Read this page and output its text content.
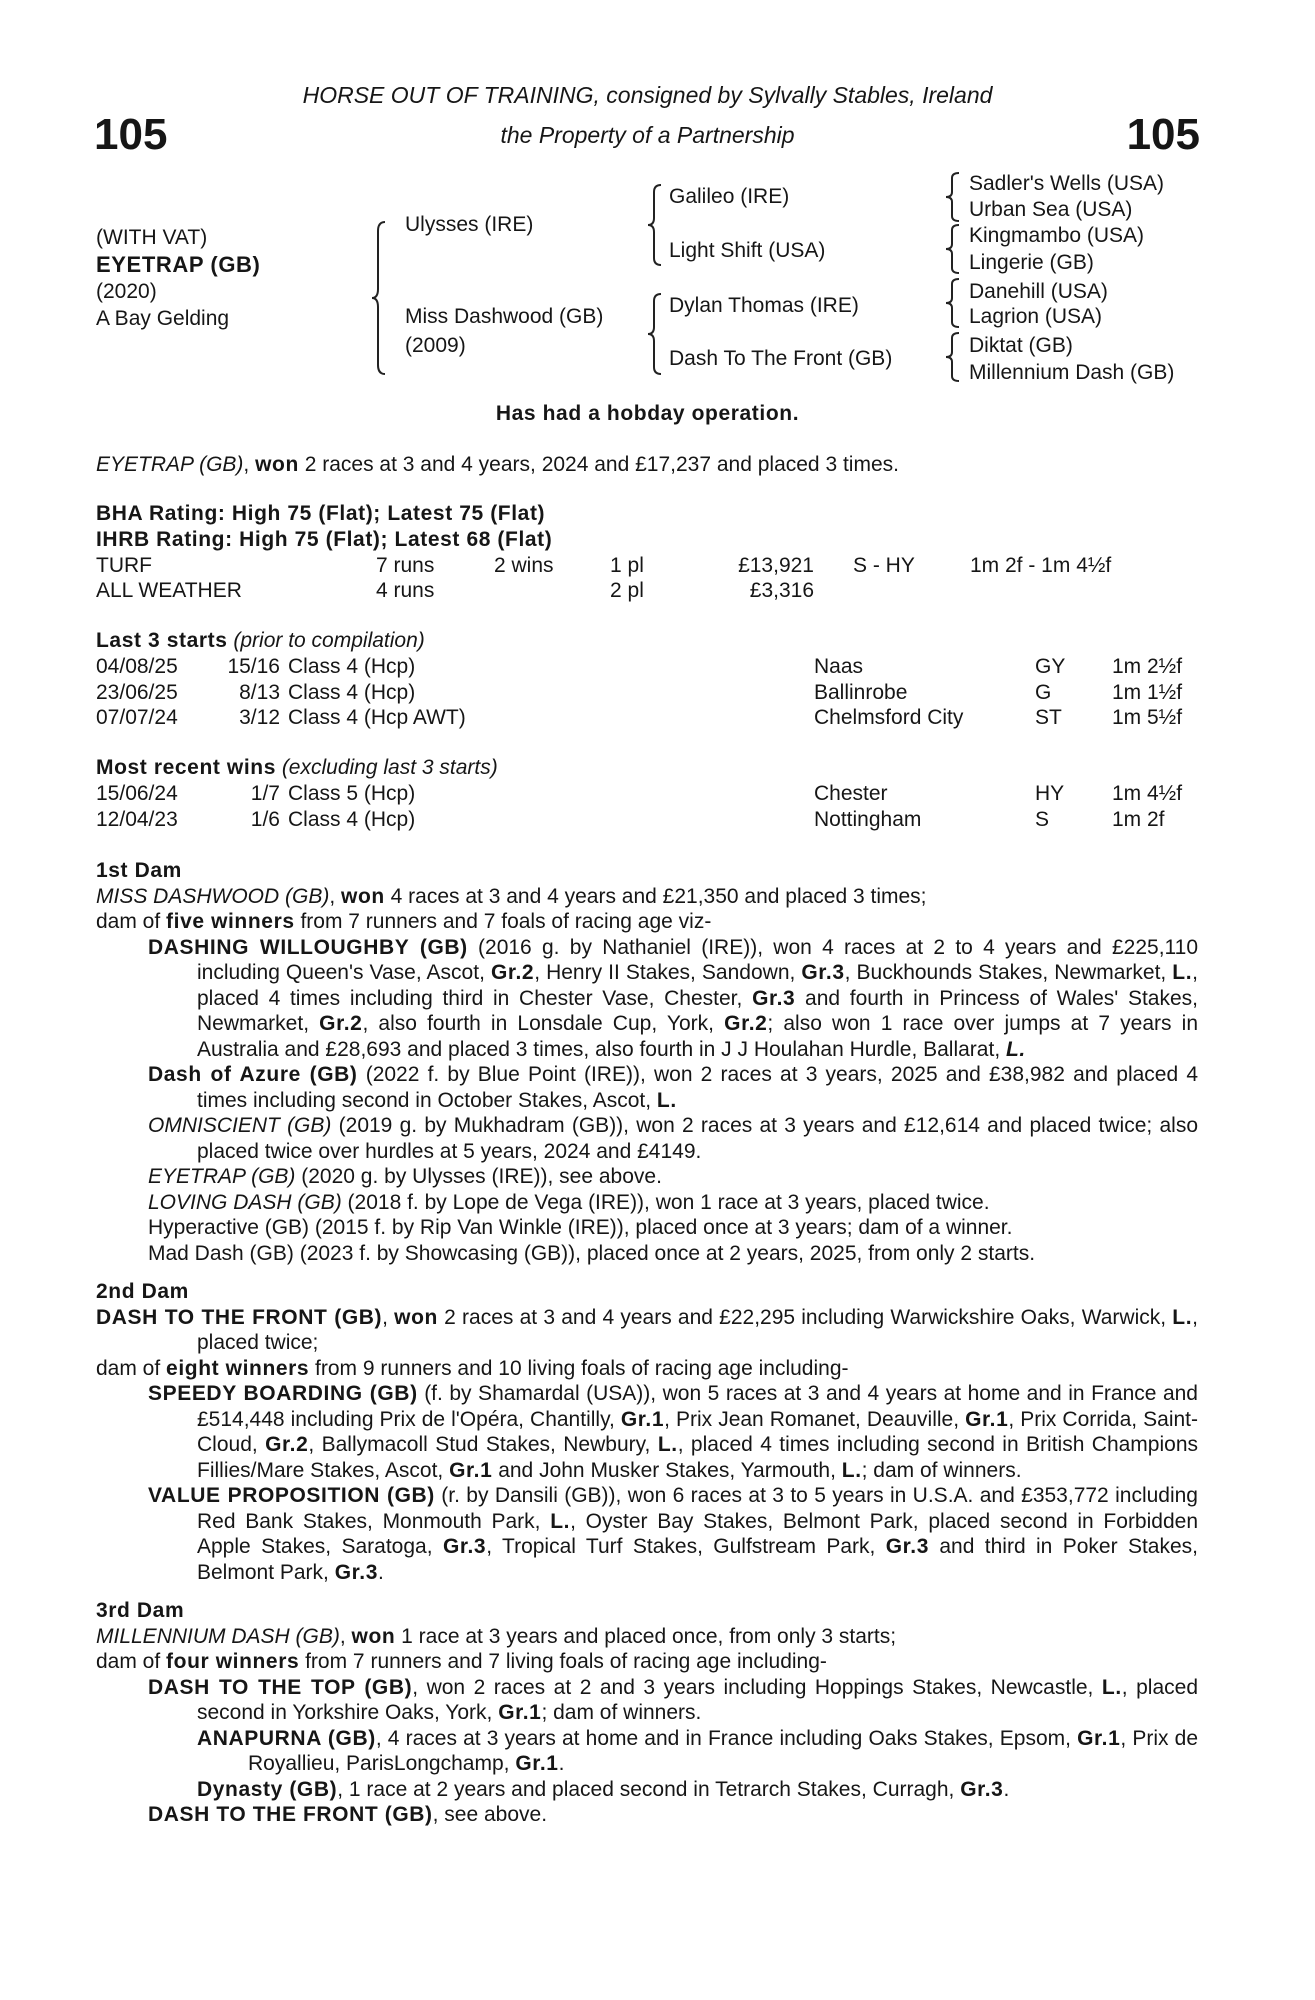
HORSE OUT OF TRAINING, consigned by Sylvally Stables, Ireland
the Property of a Partnership
105	105
(WITH VAT)
EYETRAP (GB)
(2020)
A Bay Gelding
Ulysses (IRE)
Miss Dashwood (GB)
(2009)
Galileo (IRE)
Light Shift (USA)
Dylan Thomas (IRE)
Dash To The Front (GB)
Sadler's Wells (USA)
Urban Sea (USA)
Kingmambo (USA)
Lingerie (GB)
Danehill (USA)
Lagrion (USA)
Diktat (GB)
Millennium Dash (GB)
Has had a hobday operation.
EYETRAP (GB), won 2 races at 3 and 4 years, 2024 and £17,237 and placed 3 times.
BHA Rating: High 75 (Flat); Latest 75 (Flat)
IHRB Rating: High 75 (Flat); Latest 68 (Flat)
TURF	7 runs	2 wins	1 pl	£13,921 S - HY	1m 2f - 1m 4½f
ALL WEATHER	4 runs	2 pl	£3,316
Last 3 starts (prior to compilation)
04/08/25	15/16 Class 4 (Hcp)	Naas	GY 1m 2½f
23/06/25	8/13 Class 4 (Hcp)	Ballinrobe	G	1m 1½f
07/07/24	3/12 Class 4 (Hcp AWT)	Chelmsford City	ST 1m 5½f
Most recent wins (excluding last 3 starts)
15/06/24	1/7 Class 5 (Hcp)	Chester	HY 1m 4½f
12/04/23	1/6 Class 4 (Hcp)	Nottingham	S	1m 2f
1st Dam
MISS DASHWOOD (GB), won 4 races at 3 and 4 years and £21,350 and placed 3 times;
dam of five winners from 7 runners and 7 foals of racing age viz-
DASHING WILLOUGHBY (GB) (2016 g. by Nathaniel (IRE)), won 4 races at 2 to 4 years and £225,110 including Queen's Vase, Ascot, Gr.2, Henry II Stakes, Sandown, Gr.3, Buckhounds Stakes, Newmarket, L., placed 4 times including third in Chester Vase, Chester, Gr.3 and fourth in Princess of Wales' Stakes, Newmarket, Gr.2, also fourth in Lonsdale Cup, York, Gr.2; also won 1 race over jumps at 7 years in Australia and £28,693 and placed 3 times, also fourth in J J Houlahan Hurdle, Ballarat, L.
Dash of Azure (GB) (2022 f. by Blue Point (IRE)), won 2 races at 3 years, 2025 and £38,982 and placed 4 times including second in October Stakes, Ascot, L.
OMNISCIENT (GB) (2019 g. by Mukhadram (GB)), won 2 races at 3 years and £12,614 and placed twice; also placed twice over hurdles at 5 years, 2024 and £4149.
EYETRAP (GB) (2020 g. by Ulysses (IRE)), see above.
LOVING DASH (GB) (2018 f. by Lope de Vega (IRE)), won 1 race at 3 years, placed twice.
Hyperactive (GB) (2015 f. by Rip Van Winkle (IRE)), placed once at 3 years; dam of a winner.
Mad Dash (GB) (2023 f. by Showcasing (GB)), placed once at 2 years, 2025, from only 2 starts.
2nd Dam
DASH TO THE FRONT (GB), won 2 races at 3 and 4 years and £22,295 including Warwickshire Oaks, Warwick, L., placed twice;
dam of eight winners from 9 runners and 10 living foals of racing age including-
SPEEDY BOARDING (GB) (f. by Shamardal (USA)), won 5 races at 3 and 4 years at home and in France and £514,448 including Prix de l'Opéra, Chantilly, Gr.1, Prix Jean Romanet, Deauville, Gr.1, Prix Corrida, Saint-Cloud, Gr.2, Ballymacoll Stud Stakes, Newbury, L., placed 4 times including second in British Champions Fillies/Mare Stakes, Ascot, Gr.1 and John Musker Stakes, Yarmouth, L.; dam of winners.
VALUE PROPOSITION (GB) (r. by Dansili (GB)), won 6 races at 3 to 5 years in U.S.A. and £353,772 including Red Bank Stakes, Monmouth Park, L., Oyster Bay Stakes, Belmont Park, placed second in Forbidden Apple Stakes, Saratoga, Gr.3, Tropical Turf Stakes, Gulfstream Park, Gr.3 and third in Poker Stakes, Belmont Park, Gr.3.
3rd Dam
MILLENNIUM DASH (GB), won 1 race at 3 years and placed once, from only 3 starts;
dam of four winners from 7 runners and 7 living foals of racing age including-
DASH TO THE TOP (GB), won 2 races at 2 and 3 years including Hoppings Stakes, Newcastle, L., placed second in Yorkshire Oaks, York, Gr.1; dam of winners.
ANAPURNA (GB), 4 races at 3 years at home and in France including Oaks Stakes, Epsom, Gr.1, Prix de Royallieu, ParisLongchamp, Gr.1.
Dynasty (GB), 1 race at 2 years and placed second in Tetrarch Stakes, Curragh, Gr.3.
DASH TO THE FRONT (GB), see above.
